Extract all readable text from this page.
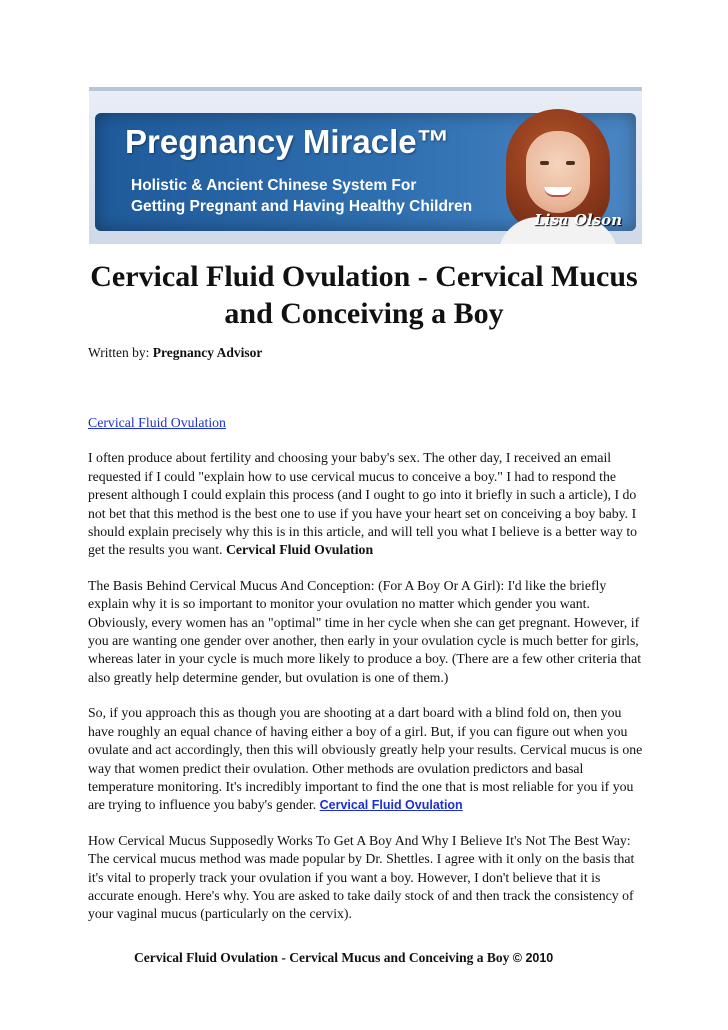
Pregnancy Miracle™
Holistic & Ancient Chinese System For
Getting Pregnant and Having Healthy Children
Lisa Olson
Cervical Fluid Ovulation - Cervical Mucus and Conceiving a Boy
Written by: Pregnancy Advisor

Cervical Fluid Ovulation

I often produce about fertility and choosing your baby's sex. The other day, I received an email requested if I could "explain how to use cervical mucus to conceive a boy." I had to respond the present although I could explain this process (and I ought to go into it briefly in such a article), I do not bet that this method is the best one to use if you have your heart set on conceiving a boy baby. I should explain precisely why this is in this article, and will tell you what I believe is a better way to get the results you want. Cervical Fluid Ovulation

The Basis Behind Cervical Mucus And Conception: (For A Boy Or A Girl): I'd like the briefly explain why it is so important to monitor your ovulation no matter which gender you want. Obviously, every women has an "optimal" time in her cycle when she can get pregnant. However, if you are wanting one gender over another, then early in your ovulation cycle is much better for girls, whereas later in your cycle is much more likely to produce a boy. (There are a few other criteria that also greatly help determine gender, but ovulation is one of them.)

So, if you approach this as though you are shooting at a dart board with a blind fold on, then you have roughly an equal chance of having either a boy of a girl. But, if you can figure out when you ovulate and act accordingly, then this will obviously greatly help your results. Cervical mucus is one way that women predict their ovulation. Other methods are ovulation predictors and basal temperature monitoring. It's incredibly important to find the one that is most reliable for you if you are trying to influence you baby's gender. Cervical Fluid Ovulation

How Cervical Mucus Supposedly Works To Get A Boy And Why I Believe It's Not The Best Way: The cervical mucus method was made popular by Dr. Shettles. I agree with it only on the basis that it's vital to properly track your ovulation if you want a boy. However, I don't believe that it is accurate enough. Here's why. You are asked to take daily stock of and then track the consistency of your vaginal mucus (particularly on the cervix).

Cervical Fluid Ovulation - Cervical Mucus and Conceiving a Boy © 2010
